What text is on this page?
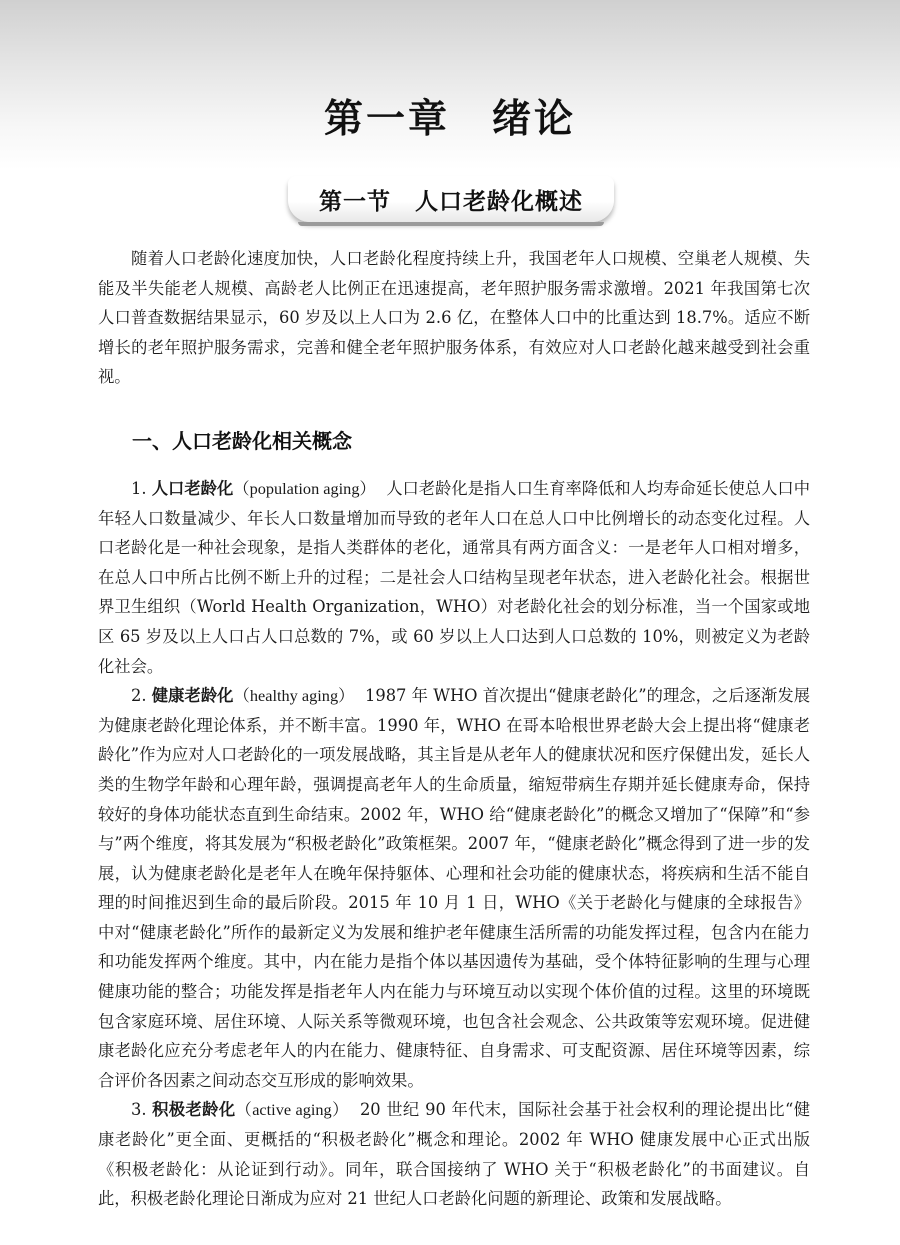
第一章　绪论
第一节　人口老龄化概述

随着人口老龄化速度加快，人口老龄化程度持续上升，我国老年人口规模、空巢老人规模、失能及半失能老人规模、高龄老人比例正在迅速提高，老年照护服务需求激增。2021 年我国第七次人口普查数据结果显示，60 岁及以上人口为 2.6 亿，在整体人口中的比重达到 18.7%。适应不断增长的老年照护服务需求，完善和健全老年照护服务体系，有效应对人口老龄化越来越受到社会重视。

一、人口老龄化相关概念

1. 人口老龄化（population aging） 人口老龄化是指人口生育率降低和人均寿命延长使总人口中年轻人口数量减少、年长人口数量增加而导致的老年人口在总人口中比例增长的动态变化过程。人口老龄化是一种社会现象，是指人类群体的老化，通常具有两方面含义：一是老年人口相对增多，在总人口中所占比例不断上升的过程；二是社会人口结构呈现老年状态，进入老龄化社会。根据世界卫生组织（World Health Organization，WHO）对老龄化社会的划分标准，当一个国家或地区 65 岁及以上人口占人口总数的 7%，或 60 岁以上人口达到人口总数的 10%，则被定义为老龄化社会。

2. 健康老龄化（healthy aging） 1987 年 WHO 首次提出“健康老龄化”的理念，之后逐渐发展为健康老龄化理论体系，并不断丰富。1990 年，WHO 在哥本哈根世界老龄大会上提出将“健康老龄化”作为应对人口老龄化的一项发展战略，其主旨是从老年人的健康状况和医疗保健出发，延长人类的生物学年龄和心理年龄，强调提高老年人的生命质量，缩短带病生存期并延长健康寿命，保持较好的身体功能状态直到生命结束。2002 年，WHO 给“健康老龄化”的概念又增加了“保障”和“参与”两个维度，将其发展为“积极老龄化”政策框架。2007 年，“健康老龄化”概念得到了进一步的发展，认为健康老龄化是老年人在晚年保持躯体、心理和社会功能的健康状态，将疾病和生活不能自理的时间推迟到生命的最后阶段。2015 年 10 月 1 日，WHO《关于老龄化与健康的全球报告》中对“健康老龄化”所作的最新定义为发展和维护老年健康生活所需的功能发挥过程，包含内在能力和功能发挥两个维度。其中，内在能力是指个体以基因遗传为基础，受个体特征影响的生理与心理健康功能的整合；功能发挥是指老年人内在能力与环境互动以实现个体价值的过程。这里的环境既包含家庭环境、居住环境、人际关系等微观环境，也包含社会观念、公共政策等宏观环境。促进健康老龄化应充分考虑老年人的内在能力、健康特征、自身需求、可支配资源、居住环境等因素，综合评价各因素之间动态交互形成的影响效果。

3. 积极老龄化（active aging） 20 世纪 90 年代末，国际社会基于社会权利的理论提出比“健康老龄化”更全面、更概括的“积极老龄化”概念和理论。2002 年 WHO 健康发展中心正式出版《积极老龄化：从论证到行动》。同年，联合国接纳了 WHO 关于“积极老龄化”的书面建议。自此，积极老龄化理论日渐成为应对 21 世纪人口老龄化问题的新理论、政策和发展战略。
